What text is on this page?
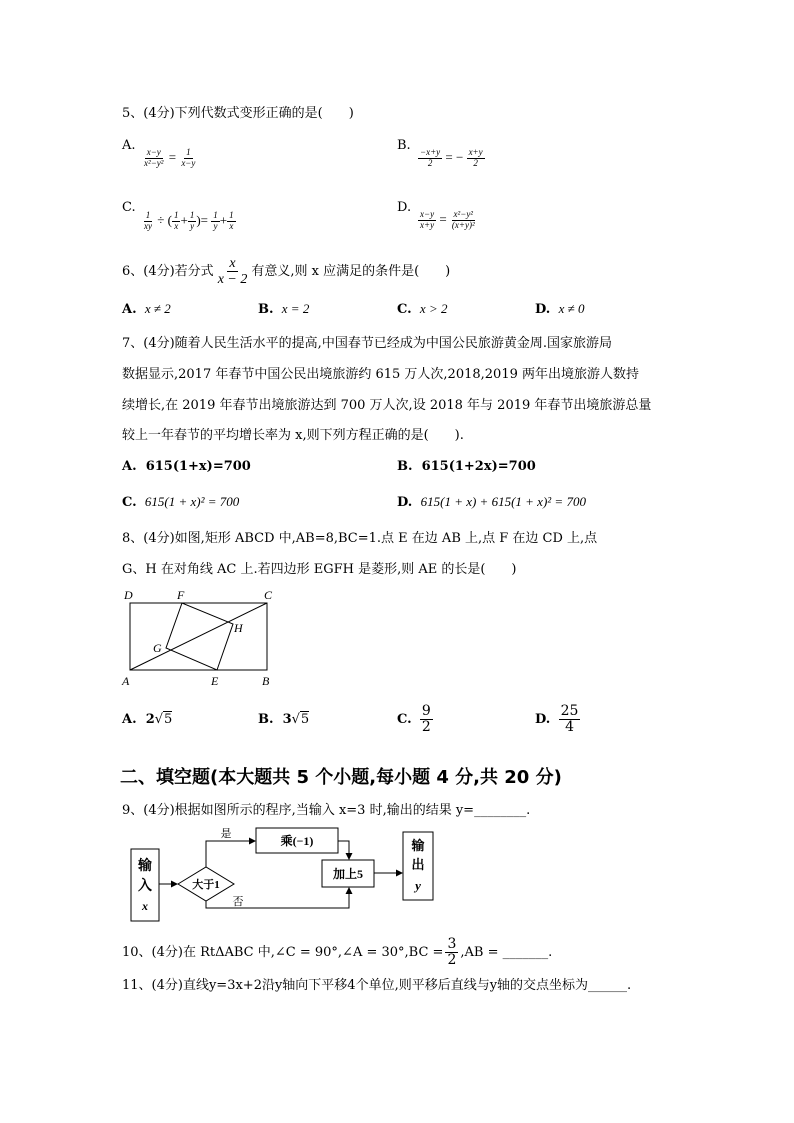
5、(4分)下列代数式变形正确的是(　　)
A.
$\frac{x-y}{\text{x²−y²}} = \frac{1}{x-y}$
B.
$\frac{-x+y}{2}$ = − $\frac{x+y}{2}$
C.
$\frac{1}{xy}$ ÷ ( $\frac{1}{x} + \frac{1}{y}$ )= $\frac{1}{y} + \frac{1}{x}$
D.
$\frac{x-y}{x+y} = \frac{\text{x²−y²}}{\text{(x+y)²}}$
6、(4分)若分式 $\frac{x}{x - 2}$ 有意义,则 x 应满足的条件是(　　)
A. x ≠ 2	B. x = 2	C. x > 2	D. x ≠ 0
7、(4分)随着人民生活水平的提高,中国春节已经成为中国公民旅游黄金周.国家旅游局
数据显示,2017 年春节中国公民出境旅游约 615 万人次,2018,2019 两年出境旅游人数持
续增长,在 2019 年春节出境旅游达到 700 万人次,设 2018 年与 2019 年春节出境旅游总量
较上一年春节的平均增长率为 x,则下列方程正确的是(　　).
A. 615(1+x)=700	B. 615(1+2x)=700
C. 615(1 + x)² = 700	D. 615(1 + x) + 615(1 + x)² = 700
8、(4分)如图,矩形 ABCD 中,AB=8,BC=1.点 E 在边 AB 上,点 F 在边 CD 上,点
G、H 在对角线 AC 上.若四边形 EGFH 是菱形,则 AE 的长是(　　)
D	F	C
H
G
A	E	B
A. 2√5	B. 3√5	C.
$\frac{9}{2}$	D.
$\frac{25}{4}$
二、填空题(本大题共 5 个小题,每小题 4 分,共 20 分)
9、(4分)根据如图所示的程序,当输入 x=3 时,输出的结果 y=________.
输
入
x
大于1
是	乘(−1)
否
加上5
输
出
y
10、(4分)在 RtΔABC 中,∠C = 90°,∠A = $30^\circ,BC = \frac{3}{2} ,AB$ = _______.
11、(4分)直线y=3x+2沿y轴向下平移4个单位,则平移后直线与y轴的交点坐标为______.
